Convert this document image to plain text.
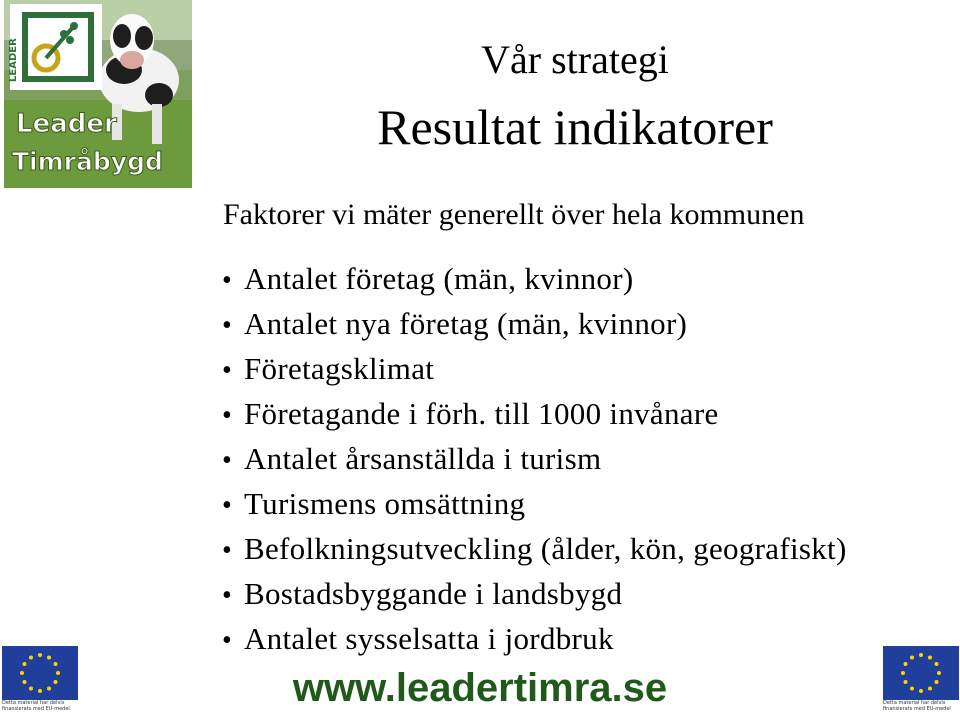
LEADER
Leader
Timråbygd
Vår strategi
Resultat indikatorer
Faktorer vi mäter generellt över hela kommunen
• Antalet företag (män, kvinnor)
• Antalet nya företag (män, kvinnor)
• Företagsklimat
• Företagande i förh. till 1000 invånare
• Antalet årsanställda i turism
• Turismens omsättning
• Befolkningsutveckling (ålder, kön, geografiskt)
• Bostadsbyggande i landsbygd
• Antalet sysselsatta i jordbruk
Detta material har delvis finansierats med EU-medel
Detta material har delvis finansierats med EU-medel
www.leadertimra.se
